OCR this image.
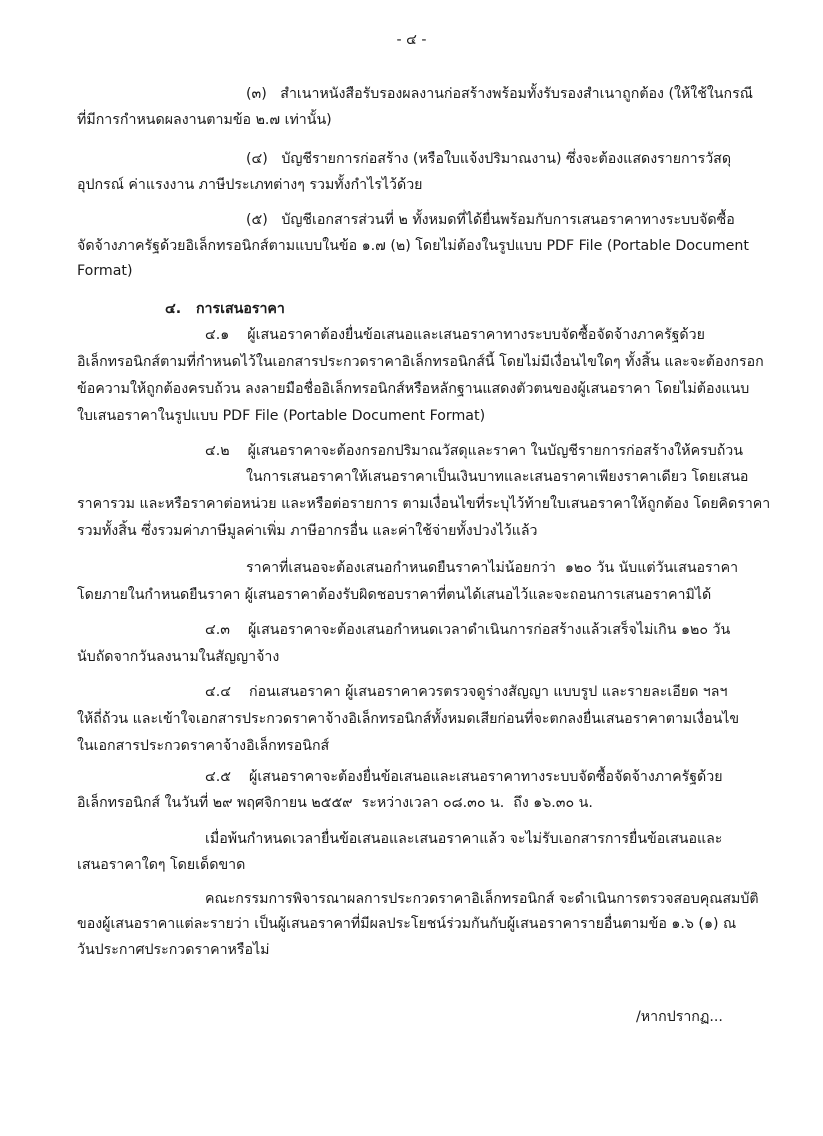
- ๔ -
(๓)   สำเนาหนังสือรับรองผลงานก่อสร้างพร้อมทั้งรับรองสำเนาถูกต้อง (ให้ใช้ในกรณี
ที่มีการกำหนดผลงานตามข้อ ๒.๗ เท่านั้น)
(๔)   บัญชีรายการก่อสร้าง (หรือใบแจ้งปริมาณงาน) ซึ่งจะต้องแสดงรายการวัสดุ
อุปกรณ์ ค่าแรงงาน ภาษีประเภทต่างๆ รวมทั้งกำไรไว้ด้วย
(๕)   บัญชีเอกสารส่วนที่ ๒ ทั้งหมดที่ได้ยื่นพร้อมกับการเสนอราคาทางระบบจัดซื้อ
จัดจ้างภาครัฐด้วยอิเล็กทรอนิกส์ตามแบบในข้อ ๑.๗ (๒) โดยไม่ต้องในรูปแบบ PDF File (Portable Document
Format)
๔.   การเสนอราคา
๔.๑    ผู้เสนอราคาต้องยื่นข้อเสนอและเสนอราคาทางระบบจัดซื้อจัดจ้างภาครัฐด้วย
อิเล็กทรอนิกส์ตามที่กำหนดไว้ในเอกสารประกวดราคาอิเล็กทรอนิกส์นี้ โดยไม่มีเงื่อนไขใดๆ ทั้งสิ้น และจะต้องกรอก
ข้อความให้ถูกต้องครบถ้วน ลงลายมือชื่ออิเล็กทรอนิกส์หรือหลักฐานแสดงตัวตนของผู้เสนอราคา โดยไม่ต้องแนบ
ใบเสนอราคาในรูปแบบ PDF File (Portable Document Format)
๔.๒    ผู้เสนอราคาจะต้องกรอกปริมาณวัสดุและราคา ในบัญชีรายการก่อสร้างให้ครบถ้วน
ในการเสนอราคาให้เสนอราคาเป็นเงินบาทและเสนอราคาเพียงราคาเดียว โดยเสนอ
ราคารวม และหรือราคาต่อหน่วย และหรือต่อรายการ ตามเงื่อนไขที่ระบุไว้ท้ายใบเสนอราคาให้ถูกต้อง โดยคิดราคา
รวมทั้งสิ้น ซึ่งรวมค่าภาษีมูลค่าเพิ่ม ภาษีอากรอื่น และค่าใช้จ่ายทั้งปวงไว้แล้ว
ราคาที่เสนอจะต้องเสนอกำหนดยืนราคาไม่น้อยกว่า  ๑๒๐ วัน นับแต่วันเสนอราคา
โดยภายในกำหนดยืนราคา ผู้เสนอราคาต้องรับผิดชอบราคาที่ตนได้เสนอไว้และจะถอนการเสนอราคามิได้
๔.๓    ผู้เสนอราคาจะต้องเสนอกำหนดเวลาดำเนินการก่อสร้างแล้วเสร็จไม่เกิน ๑๒๐ วัน
นับถัดจากวันลงนามในสัญญาจ้าง
๔.๔    ก่อนเสนอราคา ผู้เสนอราคาควรตรวจดูร่างสัญญา แบบรูป และรายละเอียด ฯลฯ
ให้ถี่ถ้วน และเข้าใจเอกสารประกวดราคาจ้างอิเล็กทรอนิกส์ทั้งหมดเสียก่อนที่จะตกลงยื่นเสนอราคาตามเงื่อนไข
ในเอกสารประกวดราคาจ้างอิเล็กทรอนิกส์
๔.๕    ผู้เสนอราคาจะต้องยื่นข้อเสนอและเสนอราคาทางระบบจัดซื้อจัดจ้างภาครัฐด้วย
อิเล็กทรอนิกส์ ในวันที่ ๒๙ พฤศจิกายน ๒๕๕๙  ระหว่างเวลา ๐๘.๓๐ น.  ถึง ๑๖.๓๐ น.
เมื่อพ้นกำหนดเวลายื่นข้อเสนอและเสนอราคาแล้ว จะไม่รับเอกสารการยื่นข้อเสนอและ
เสนอราคาใดๆ โดยเด็ดขาด
คณะกรรมการพิจารณาผลการประกวดราคาอิเล็กทรอนิกส์ จะดำเนินการตรวจสอบคุณสมบัติ
ของผู้เสนอราคาแต่ละรายว่า เป็นผู้เสนอราคาที่มีผลประโยชน์ร่วมกันกับผู้เสนอราคารายอื่นตามข้อ ๑.๖ (๑) ณ
วันประกาศประกวดราคาหรือไม่
/หากปรากฏ...
